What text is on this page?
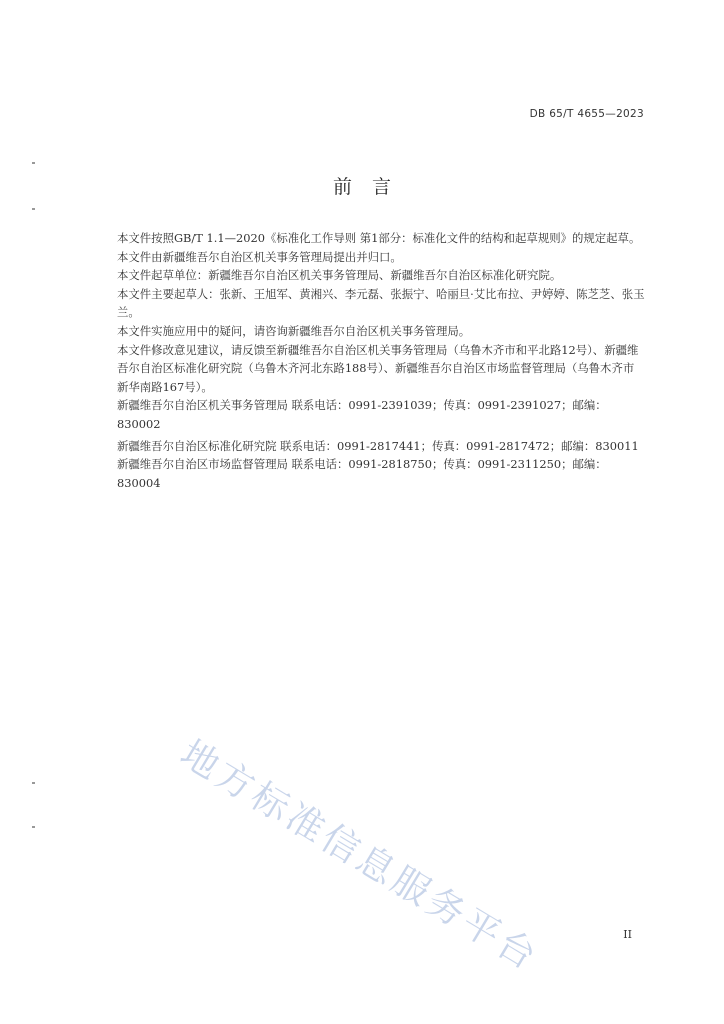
DB 65/T 4655—2023
前言

本文件按照GB/T 1.1—2020《标准化工作导则 第1部分：标准化文件的结构和起草规则》的规定起草。

本文件由新疆维吾尔自治区机关事务管理局提出并归口。

本文件起草单位：新疆维吾尔自治区机关事务管理局、新疆维吾尔自治区标准化研究院。

本文件主要起草人：张新、王旭军、黄湘兴、李元磊、张振宁、哈丽旦·艾比布拉、尹婷婷、陈芝芝、张玉兰。

本文件实施应用中的疑问，请咨询新疆维吾尔自治区机关事务管理局。

本文件修改意见建议，请反馈至新疆维吾尔自治区机关事务管理局（乌鲁木齐市和平北路12号）、新疆维吾尔自治区标准化研究院（乌鲁木齐河北东路188号）、新疆维吾尔自治区市场监督管理局（乌鲁木齐市新华南路167号）。

新疆维吾尔自治区机关事务管理局 联系电话：0991-2391039；传真：0991-2391027；邮编：830002

新疆维吾尔自治区标准化研究院 联系电话：0991-2817441；传真：0991-2817472；邮编：830011

新疆维吾尔自治区市场监督管理局 联系电话：0991-2818750；传真：0991-2311250；邮编：830004

地方标准信息服务平台	II
